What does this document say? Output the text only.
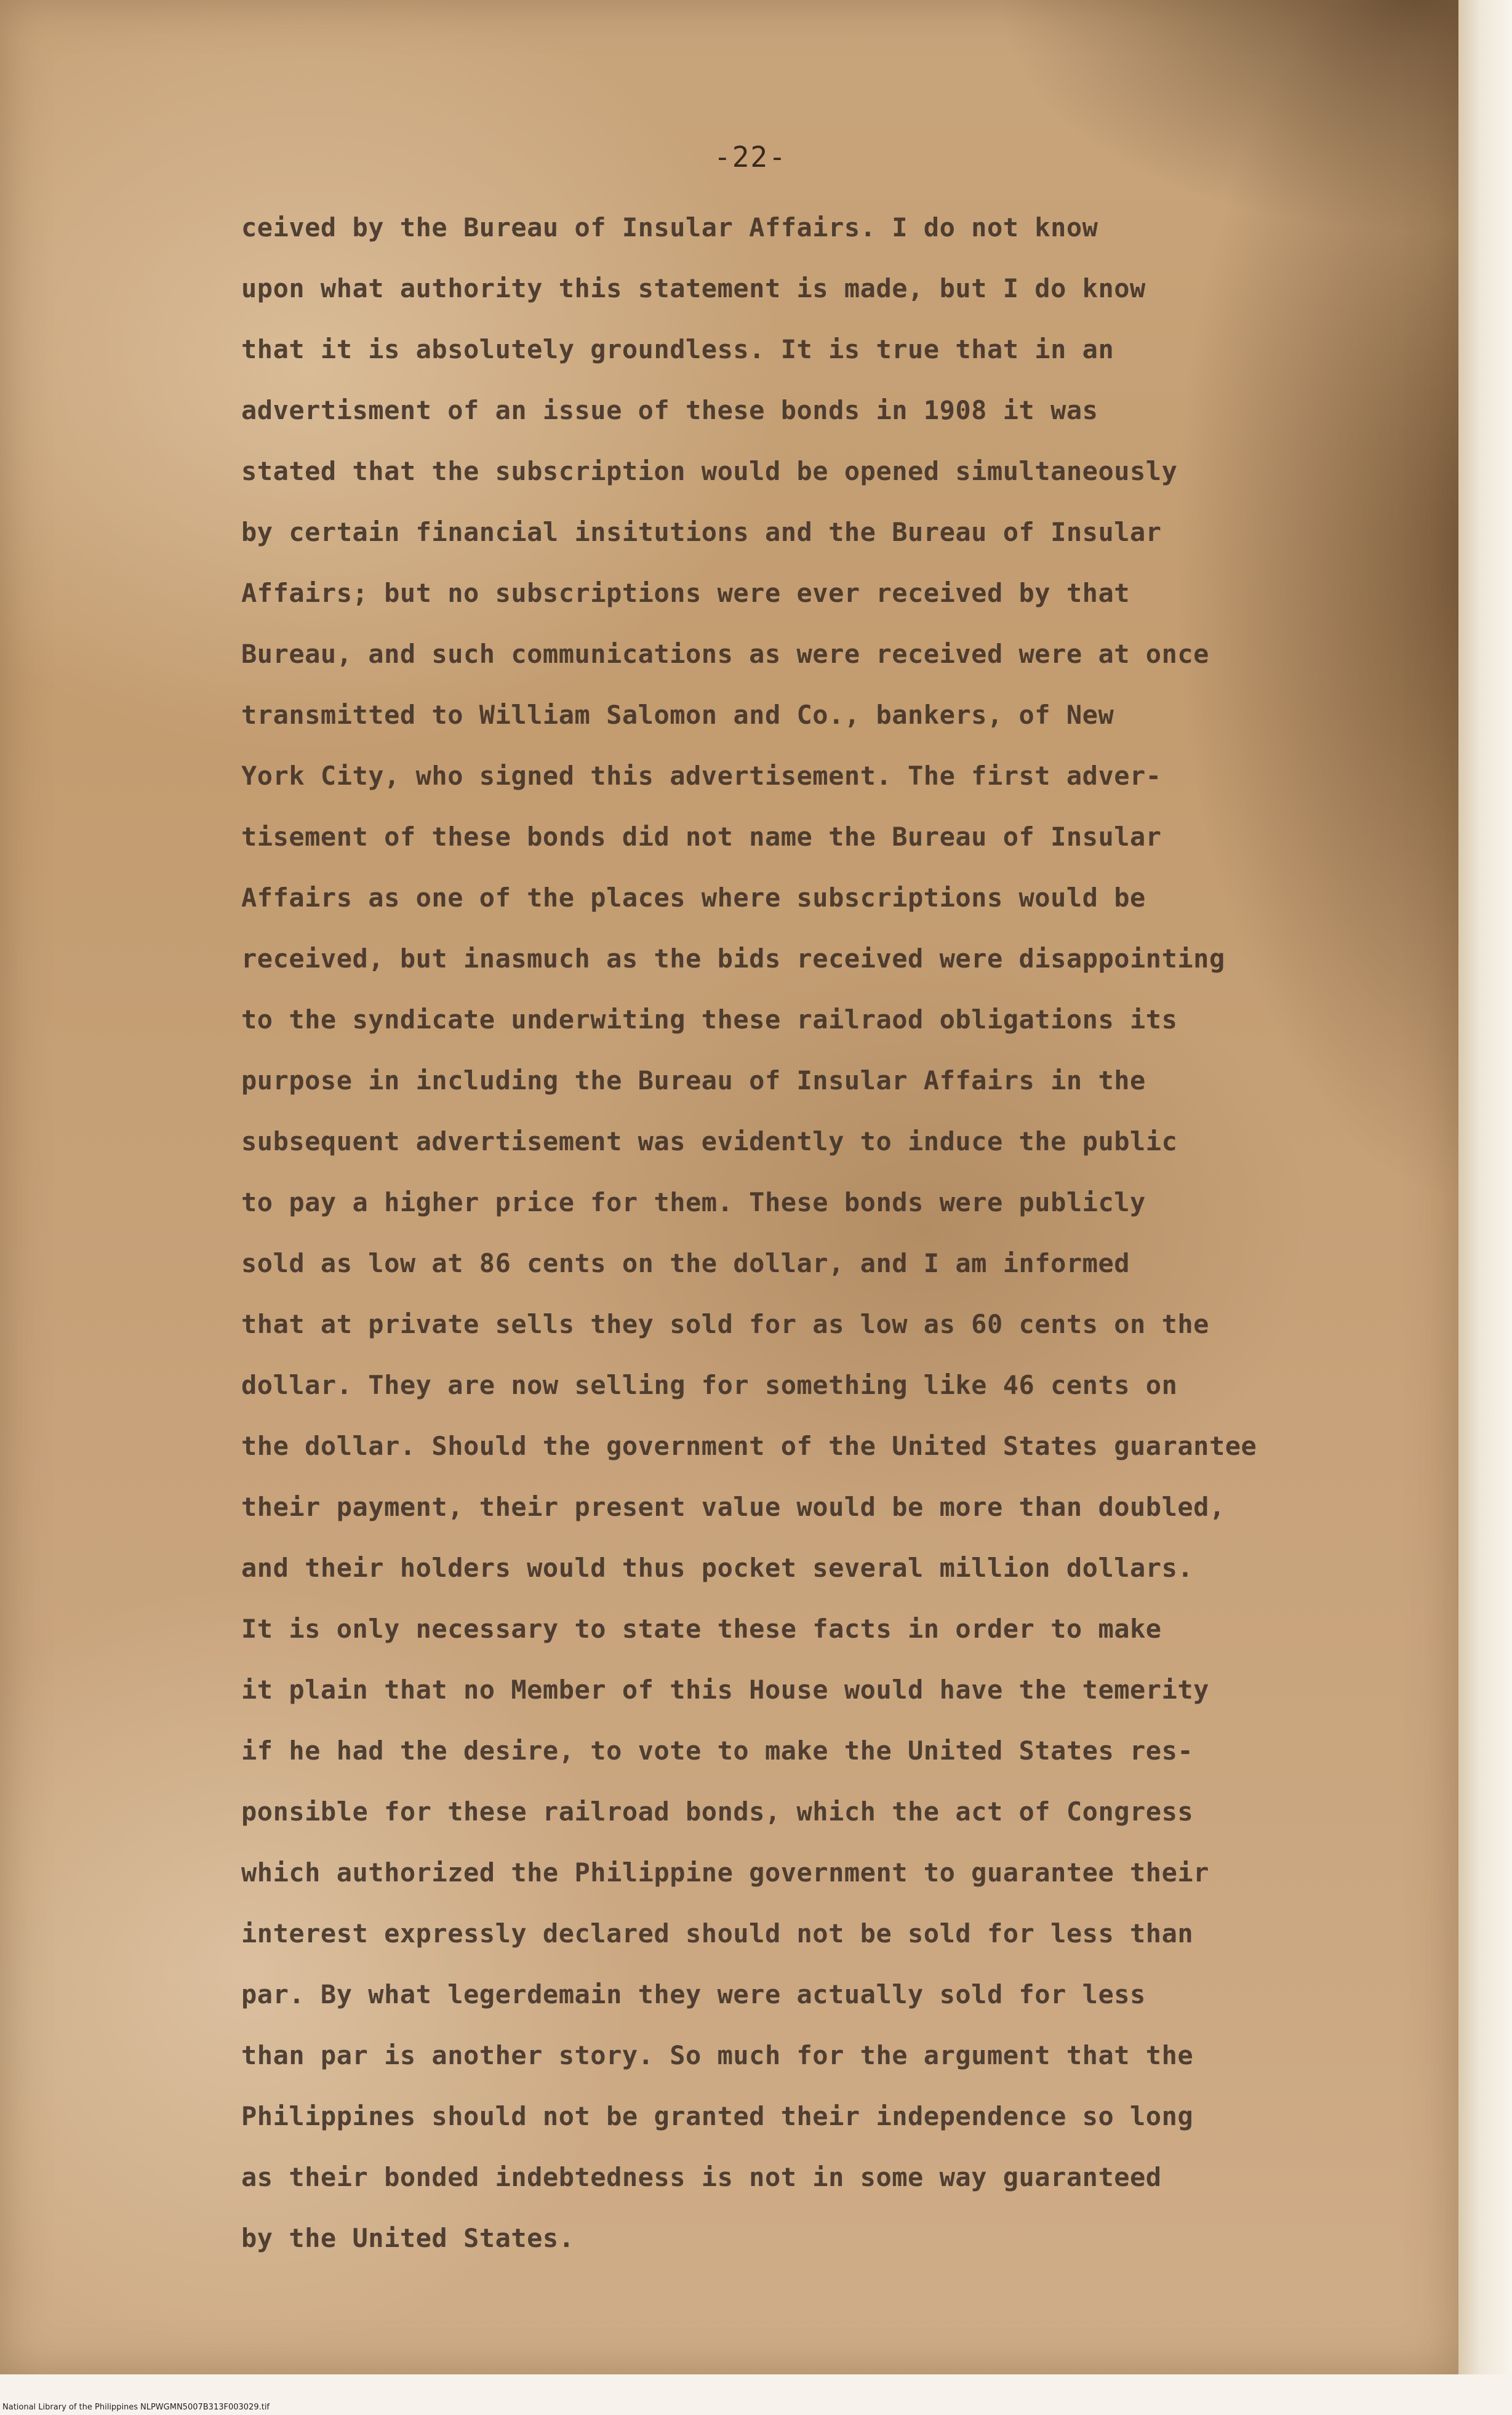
-22-
ceived by the Bureau of Insular Affairs. I do not know
upon what authority this statement is made, but I do know
that it is absolutely groundless. It is true that in an
advertisment of an issue of these bonds in 1908 it was
stated that the subscription would be opened simultaneously
by certain financial insitutions and the Bureau of Insular
Affairs; but no subscriptions were ever received by that
Bureau, and such communications as were received were at once
transmitted to William Salomon and Co., bankers, of New
York City, who signed this advertisement. The first adver-
tisement of these bonds did not name the Bureau of Insular
Affairs as one of the places where subscriptions would be
received, but inasmuch as the bids received were disappointing
to the syndicate underwiting these railraod obligations its
purpose in including the Bureau of Insular Affairs in the
subsequent advertisement was evidently to induce the public
to pay a higher price for them. These bonds were publicly
sold as low at 86 cents on the dollar, and I am informed
that at private sells they sold for as low as 60 cents on the
dollar. They are now selling for something like 46 cents on
the dollar. Should the government of the United States guarantee
their payment, their present value would be more than doubled,
and their holders would thus pocket several million dollars.
It is only necessary to state these facts in order to make
it plain that no Member of this House would have the temerity
if he had the desire, to vote to make the United States res-
ponsible for these railroad bonds, which the act of Congress
which authorized the Philippine government to guarantee their
interest expressly declared should not be sold for less than
par. By what legerdemain they were actually sold for less
than par is another story. So much for the argument that the
Philippines should not be granted their independence so long
as their bonded indebtedness is not in some way guaranteed
by the United States.
National Library of the Philippines NLPWGMN5007B313F003029.tif
